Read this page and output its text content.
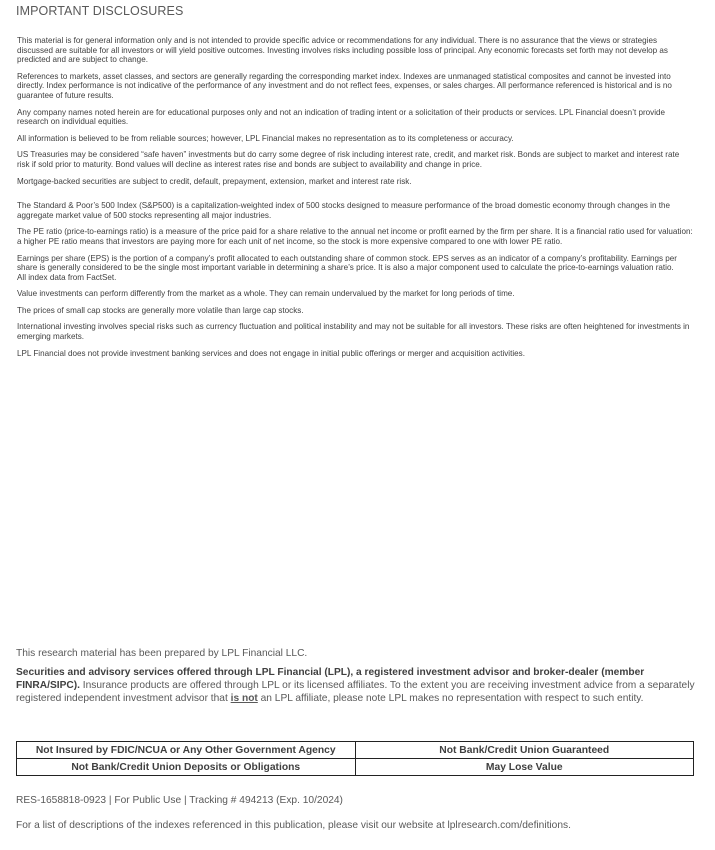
IMPORTANT DISCLOSURES

This material is for general information only and is not intended to provide specific advice or recommendations for any individual. There is no assurance that the views or strategies discussed are suitable for all investors or will yield positive outcomes. Investing involves risks including possible loss of principal. Any economic forecasts set forth may not develop as predicted and are subject to change.

References to markets, asset classes, and sectors are generally regarding the corresponding market index. Indexes are unmanaged statistical composites and cannot be invested into directly. Index performance is not indicative of the performance of any investment and do not reflect fees, expenses, or sales charges. All performance referenced is historical and is no guarantee of future results.

Any company names noted herein are for educational purposes only and not an indication of trading intent or a solicitation of their products or services. LPL Financial doesn’t provide research on individual equities.

All information is believed to be from reliable sources; however, LPL Financial makes no representation as to its completeness or accuracy.

US Treasuries may be considered “safe haven” investments but do carry some degree of risk including interest rate, credit, and market risk. Bonds are subject to market and interest rate risk if sold prior to maturity. Bond values will decline as interest rates rise and bonds are subject to availability and change in price.

Mortgage-backed securities are subject to credit, default, prepayment, extension, market and interest rate risk.

The Standard & Poor’s 500 Index (S&P500) is a capitalization-weighted index of 500 stocks designed to measure performance of the broad domestic economy through changes in the aggregate market value of 500 stocks representing all major industries.

The PE ratio (price-to-earnings ratio) is a measure of the price paid for a share relative to the annual net income or profit earned by the firm per share. It is a financial ratio used for valuation: a higher PE ratio means that investors are paying more for each unit of net income, so the stock is more expensive compared to one with lower PE ratio.

Earnings per share (EPS) is the portion of a company’s profit allocated to each outstanding share of common stock. EPS serves as an indicator of a company’s profitability. Earnings per share is generally considered to be the single most important variable in determining a share’s price. It is also a major component used to calculate the price-to-earnings valuation ratio.
All index data from FactSet.

Value investments can perform differently from the market as a whole. They can remain undervalued by the market for long periods of time.

The prices of small cap stocks are generally more volatile than large cap stocks.

International investing involves special risks such as currency fluctuation and political instability and may not be suitable for all investors. These risks are often heightened for investments in emerging markets.

LPL Financial does not provide investment banking services and does not engage in initial public offerings or merger and acquisition activities.

This research material has been prepared by LPL Financial LLC.

Securities and advisory services offered through LPL Financial (LPL), a registered investment advisor and broker-dealer (member FINRA/SIPC). Insurance products are offered through LPL or its licensed affiliates. To the extent you are receiving investment advice from a separately registered independent investment advisor that is not an LPL affiliate, please note LPL makes no representation with respect to such entity.

Not Insured by FDIC/NCUA or Any Other Government Agency	Not Bank/Credit Union Guaranteed
Not Bank/Credit Union Deposits or Obligations	May Lose Value
RES-1658818-0923 | For Public Use | Tracking # 494213 (Exp. 10/2024)
For a list of descriptions of the indexes referenced in this publication, please visit our website at lplresearch.com/definitions.
